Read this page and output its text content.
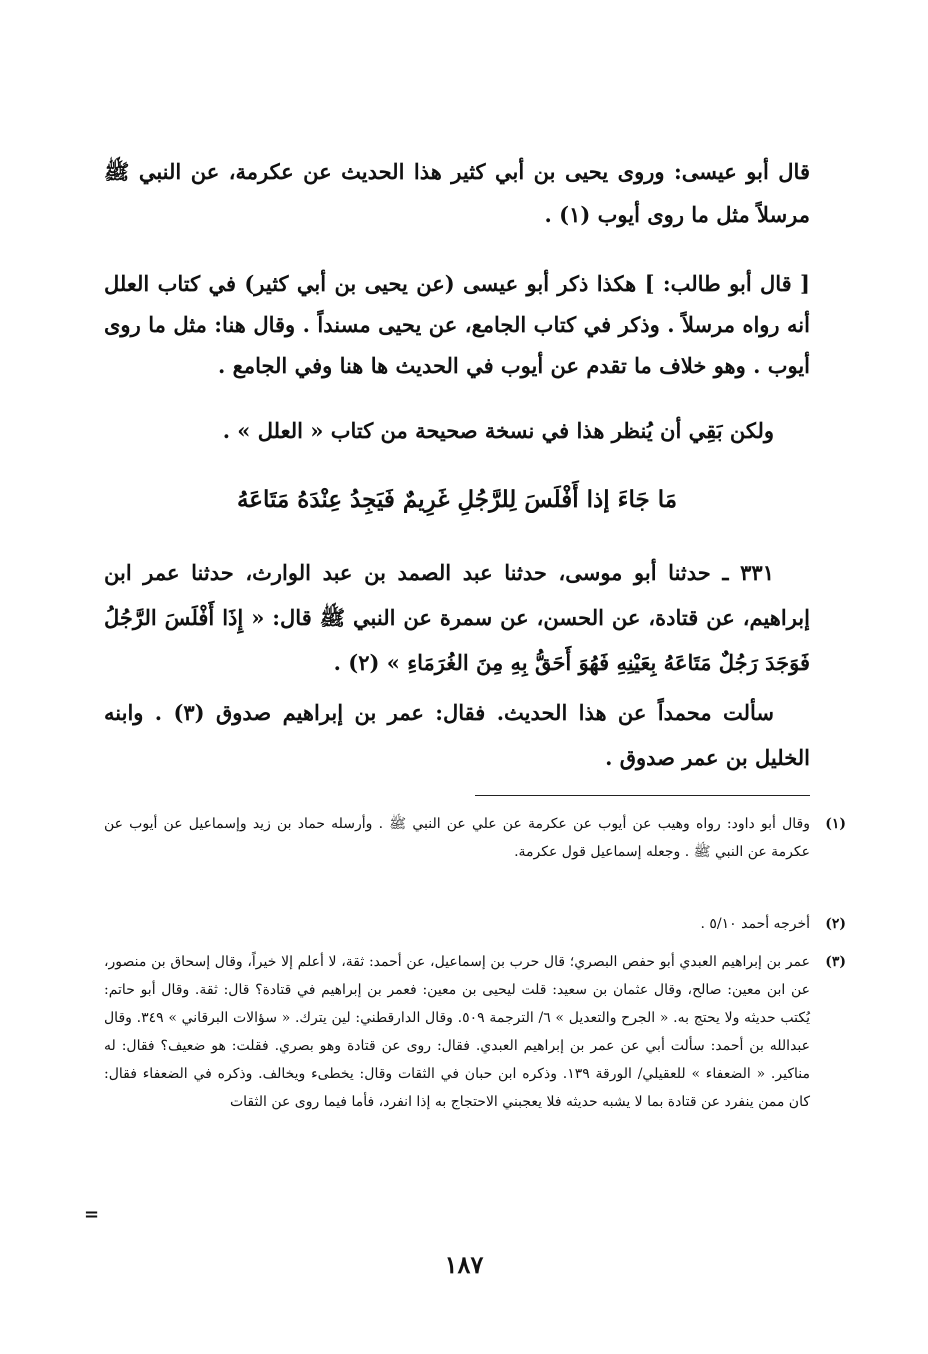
قال أبو عيسى: وروى يحيى بن أبي كثير هذا الحديث عن عكرمة، عن النبي ﷺ مرسلاً مثل ما روى أيوب (١) .
[ قال أبو طالب: ] هكذا ذكر أبو عيسى (عن يحيى بن أبي كثير) في كتاب العلل أنه رواه مرسلاً . وذكر في كتاب الجامع، عن يحيى مسنداً . وقال هنا: مثل ما روى أيوب . وهو خلاف ما تقدم عن أيوب في الحديث ها هنا وفي الجامع .
ولكن بَقِي أن يُنظر هذا في نسخة صحيحة من كتاب « العلل » .
مَا جَاءَ إذا أَفْلَسَ لِلرَّجُلِ غَرِيمٌ فَيَجِدُ عِنْدَهُ مَتَاعَهُ
٣٣١ ـ حدثنا أبو موسى، حدثنا عبد الصمد بن عبد الوارث، حدثنا عمر ابن إبراهيم، عن قتادة، عن الحسن، عن سمرة عن النبي ﷺ قال: « إِذَا أَفْلَسَ الرَّجُلُ فَوَجَدَ رَجُلٌ مَتَاعَهُ بِعَيْنِهِ فَهُوَ أَحَقُّ بِهِ مِنَ الغُرَمَاءِ » (٢) .
سألت محمداً عن هذا الحديث. فقال: عمر بن إبراهيم صدوق (٣) . وابنه الخليل بن عمر صدوق .
(١)
وقال أبو داود: رواه وهيب عن أيوب عن عكرمة عن علي عن النبي ﷺ . وأرسله حماد بن زيد وإسماعيل عن أيوب عن عكرمة عن النبي ﷺ . وجعله إسماعيل قول عكرمة.
(٢)
أخرجه أحمد ٥/١٠ .
(٣)
عمر بن إبراهيم العبدي أبو حفص البصري؛ قال حرب بن إسماعيل، عن أحمد: ثقة، لا أعلم إلا خيراً، وقال إسحاق بن منصور، عن ابن معين: صالح، وقال عثمان بن سعيد: قلت ليحيى بن معين: فعمر بن إبراهيم في قتادة؟ قال: ثقة. وقال أبو حاتم: يُكتب حديثه ولا يحتج به. « الجرح والتعديل » ٦/ الترجمة ٥٠٩. وقال الدارقطني: لين يترك. « سؤالات البرقاني » ٣٤٩. وقال عبدالله بن أحمد: سألت أبي عن عمر بن إبراهيم العبدي. فقال: روى عن قتادة وهو بصري. فقلت: هو ضعيف؟ فقال: له مناكير. « الضعفاء » للعقيلي/ الورقة ١٣٩. وذكره ابن حبان في الثقات وقال: يخطىء ويخالف. وذكره في الضعفاء فقال: كان ممن ينفرد عن قتادة بما لا يشبه حديثه فلا يعجبني الاحتجاج به إذا انفرد، فأما فيما روى عن الثقات
=
١٨٧
